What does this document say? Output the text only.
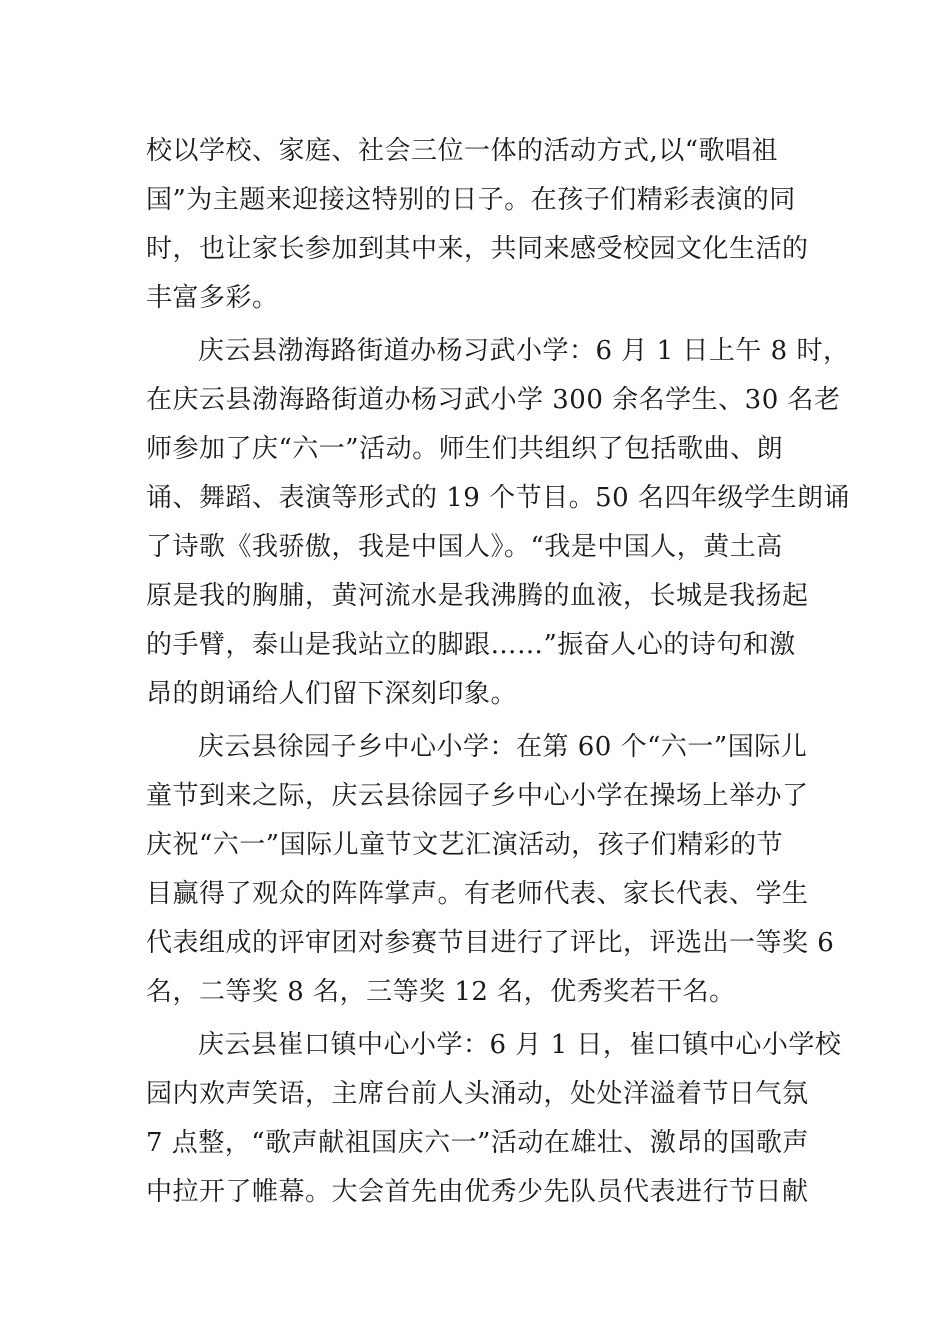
校以学校、家庭、社会三位一体的活动方式,以“歌唱祖
国”为主题来迎接这特别的日子。在孩子们精彩表演的同
时，也让家长参加到其中来，共同来感受校园文化生活的
丰富多彩。
庆云县渤海路街道办杨习武小学：6 月 1 日上午 8 时，
在庆云县渤海路街道办杨习武小学 300 余名学生、30 名老
师参加了庆“六一”活动。师生们共组织了包括歌曲、朗
诵、舞蹈、表演等形式的 19 个节目。50 名四年级学生朗诵
了诗歌《我骄傲，我是中国人》。“我是中国人，黄土高
原是我的胸脯，黄河流水是我沸腾的血液，长城是我扬起
的手臂，泰山是我站立的脚跟……”振奋人心的诗句和激
昂的朗诵给人们留下深刻印象。
庆云县徐园子乡中心小学：在第 60 个“六一”国际儿
童节到来之际，庆云县徐园子乡中心小学在操场上举办了
庆祝“六一”国际儿童节文艺汇演活动，孩子们精彩的节
目赢得了观众的阵阵掌声。有老师代表、家长代表、学生
代表组成的评审团对参赛节目进行了评比，评选出一等奖 6
名，二等奖 8 名，三等奖 12 名，优秀奖若干名。
庆云县崔口镇中心小学：6 月 1 日，崔口镇中心小学校
园内欢声笑语，主席台前人头涌动，处处洋溢着节日气氛
7 点整，“歌声献祖国庆六一”活动在雄壮、激昂的国歌声
中拉开了帷幕。大会首先由优秀少先队员代表进行节日献
